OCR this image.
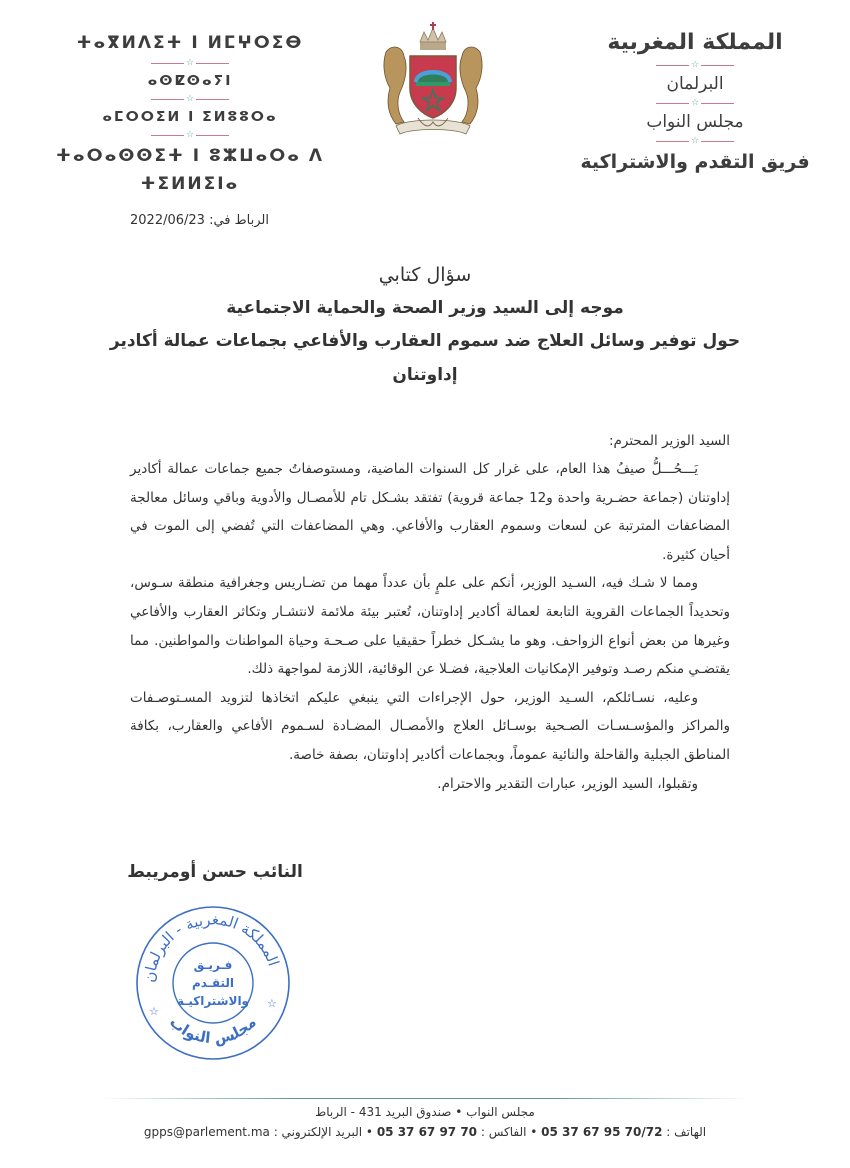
المملكة المغربية
☆
البرلمان
☆
مجلس النواب
☆
فريق التقدم والاشتراكية
ⵜⴰⴳⵍⴷⵉⵜ ⵏ ⵍⵎⵖⵔⵉⴱ
☆
ⴰⵙⵇⵙⴰⵢⵏ
☆
ⴰⵎⵔⵔⵉⵍ ⵏ ⵉⵍⵓⵓⵔⴰ
☆
ⵜⴰⵔⴰⵙⵙⵉⵜ ⵏ ⵓⵣⵡⴰⵔⴰ ⴷ ⵜⵉⵍⵍⵉⵏⴰ
الرباط في: 2022/06/23
سؤال كتابي
موجه إلى السيد وزير الصحة والحماية الاجتماعية
حول توفير وسائل العلاج ضد سموم العقارب والأفاعي بجماعات عمالة أكادير إداوتنان
السيد الوزير المحترم:

يَـــحُـــلُّ صيفُ هذا العام، على غرار كل السنوات الماضية، ومستوصفاتُ جميع جماعات عمالة أكادير إداوتنان (جماعة حضـرية واحدة و12 جماعة قروية) تفتقد بشـكل تام للأمصـال والأدوية وباقي وسائل معالجة المضاعفات المترتبة عن لسعات وسموم العقارب والأفاعي. وهي المضاعفات التي تُفضي إلى الموت في أحيان كثيرة.

ومما لا شـك فيه، السـيد الوزير، أنكم على علمٍ بأن عدداً مهما من تضـاريس وجغرافية منطقة سـوس، وتحديداً الجماعات القروية التابعة لعمالة أكادير إداوتنان، تُعتبر بيئة ملائمة لانتشـار وتكاثر العقارب والأفاعي وغيرها من بعض أنواع الزواحف. وهو ما يشـكل خطراً حقيقيا على صـحـة وحياة المواطنات والمواطنين. مما يقتضـي منكم رصـد وتوفير الإمكانيات العلاجية، فضـلا عن الوقائية، اللازمة لمواجهة ذلك.

وعليه، نسـائلكم، السـيد الوزير، حول الإجراءات التي ينبغي عليكم اتخاذها لتزويد المسـتوصـفات والمراكز والمؤسـسـات الصـحية بوسـائل العلاج والأمصـال المضـادة لسـموم الأفاعي والعقارب، بكافة المناطق الجبلية والقاحلة والنائية عموماً، وبجماعات أكادير إداوتنان، بصفة خاصة.

وتقبلوا، السيد الوزير، عبارات التقدير والاحترام.

النائب حسن أومريبط
المملكة المغربية - البرلمان
مجلس النواب
☆
☆
فـريـق
التقـدم
والاشتراكيـة
مجلس النواب • صندوق البريد 431 - الرباط
الهاتف : 05 37 67 95 70/72 • الفاكس : 05 37 67 97 70 • البريد الإلكتروني : gpps@parlement.ma
